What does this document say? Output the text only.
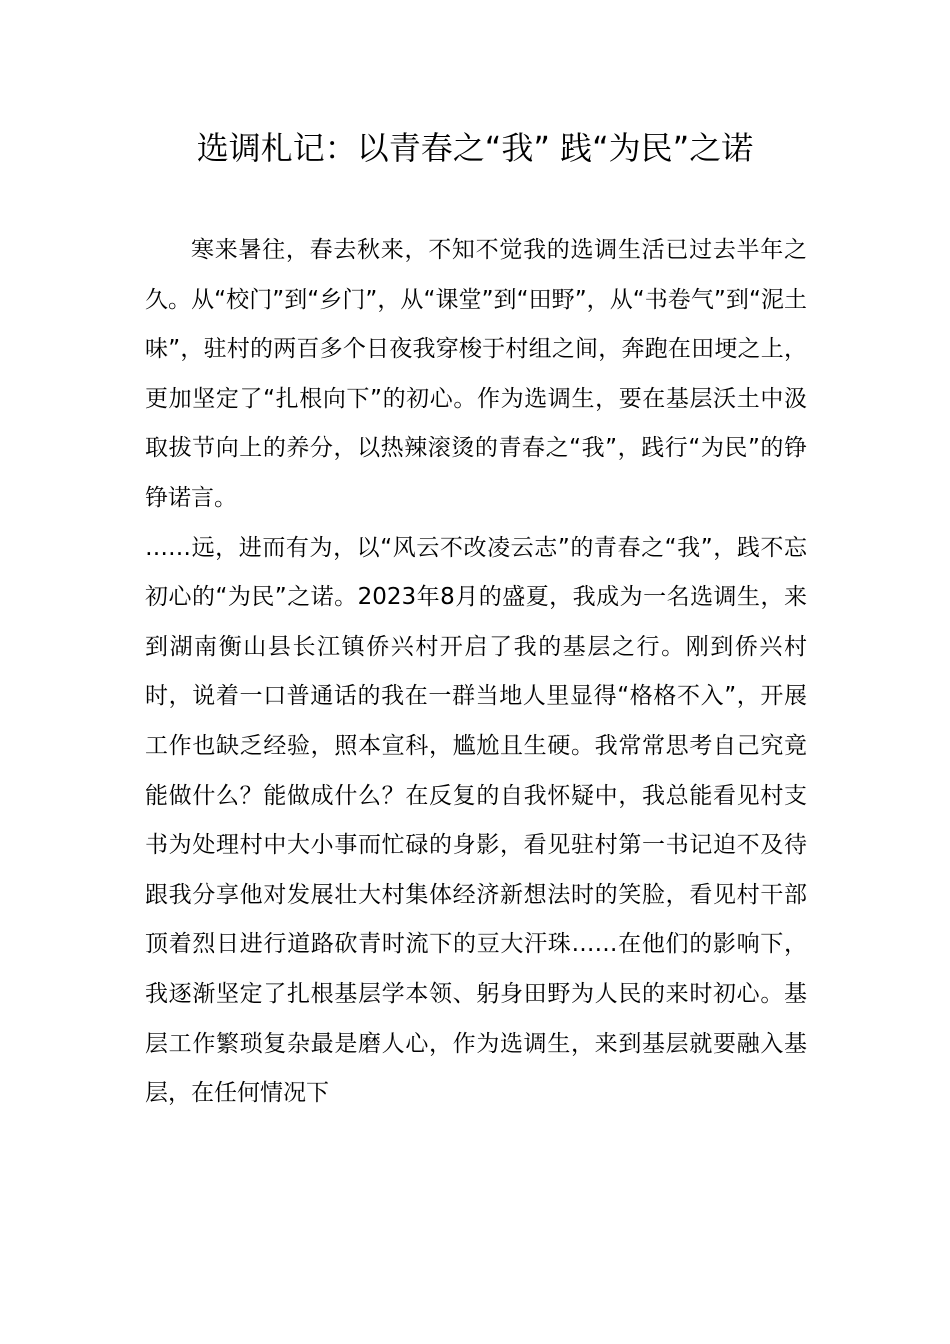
选调札记：以青春之“我” 践“为民”之诺

寒来暑往，春去秋来，不知不觉我的选调生活已过去半年之久。从“校门”到“乡门”，从“课堂”到“田野”，从“书卷气”到“泥土味”，驻村的两百多个日夜我穿梭于村组之间，奔跑在田埂之上，更加坚定了“扎根向下”的初心。作为选调生，要在基层沃土中汲取拔节向上的养分，以热辣滚烫的青春之“我”，践行“为民”的铮铮诺言。

……远，进而有为，以“风云不改凌云志”的青春之“我”，践不忘初心的“为民”之诺。2023年8月的盛夏，我成为一名选调生，来到湖南衡山县长江镇侨兴村开启了我的基层之行。刚到侨兴村时，说着一口普通话的我在一群当地人里显得“格格不入”，开展工作也缺乏经验，照本宣科，尴尬且生硬。我常常思考自己究竟能做什么？能做成什么？在反复的自我怀疑中，我总能看见村支书为处理村中大小事而忙碌的身影，看见驻村第一书记迫不及待跟我分享他对发展壮大村集体经济新想法时的笑脸，看见村干部顶着烈日进行道路砍青时流下的豆大汗珠……在他们的影响下，我逐渐坚定了扎根基层学本领、躬身田野为人民的来时初心。基层工作繁琐复杂最是磨人心，作为选调生，来到基层就要融入基层，在任何情况下
